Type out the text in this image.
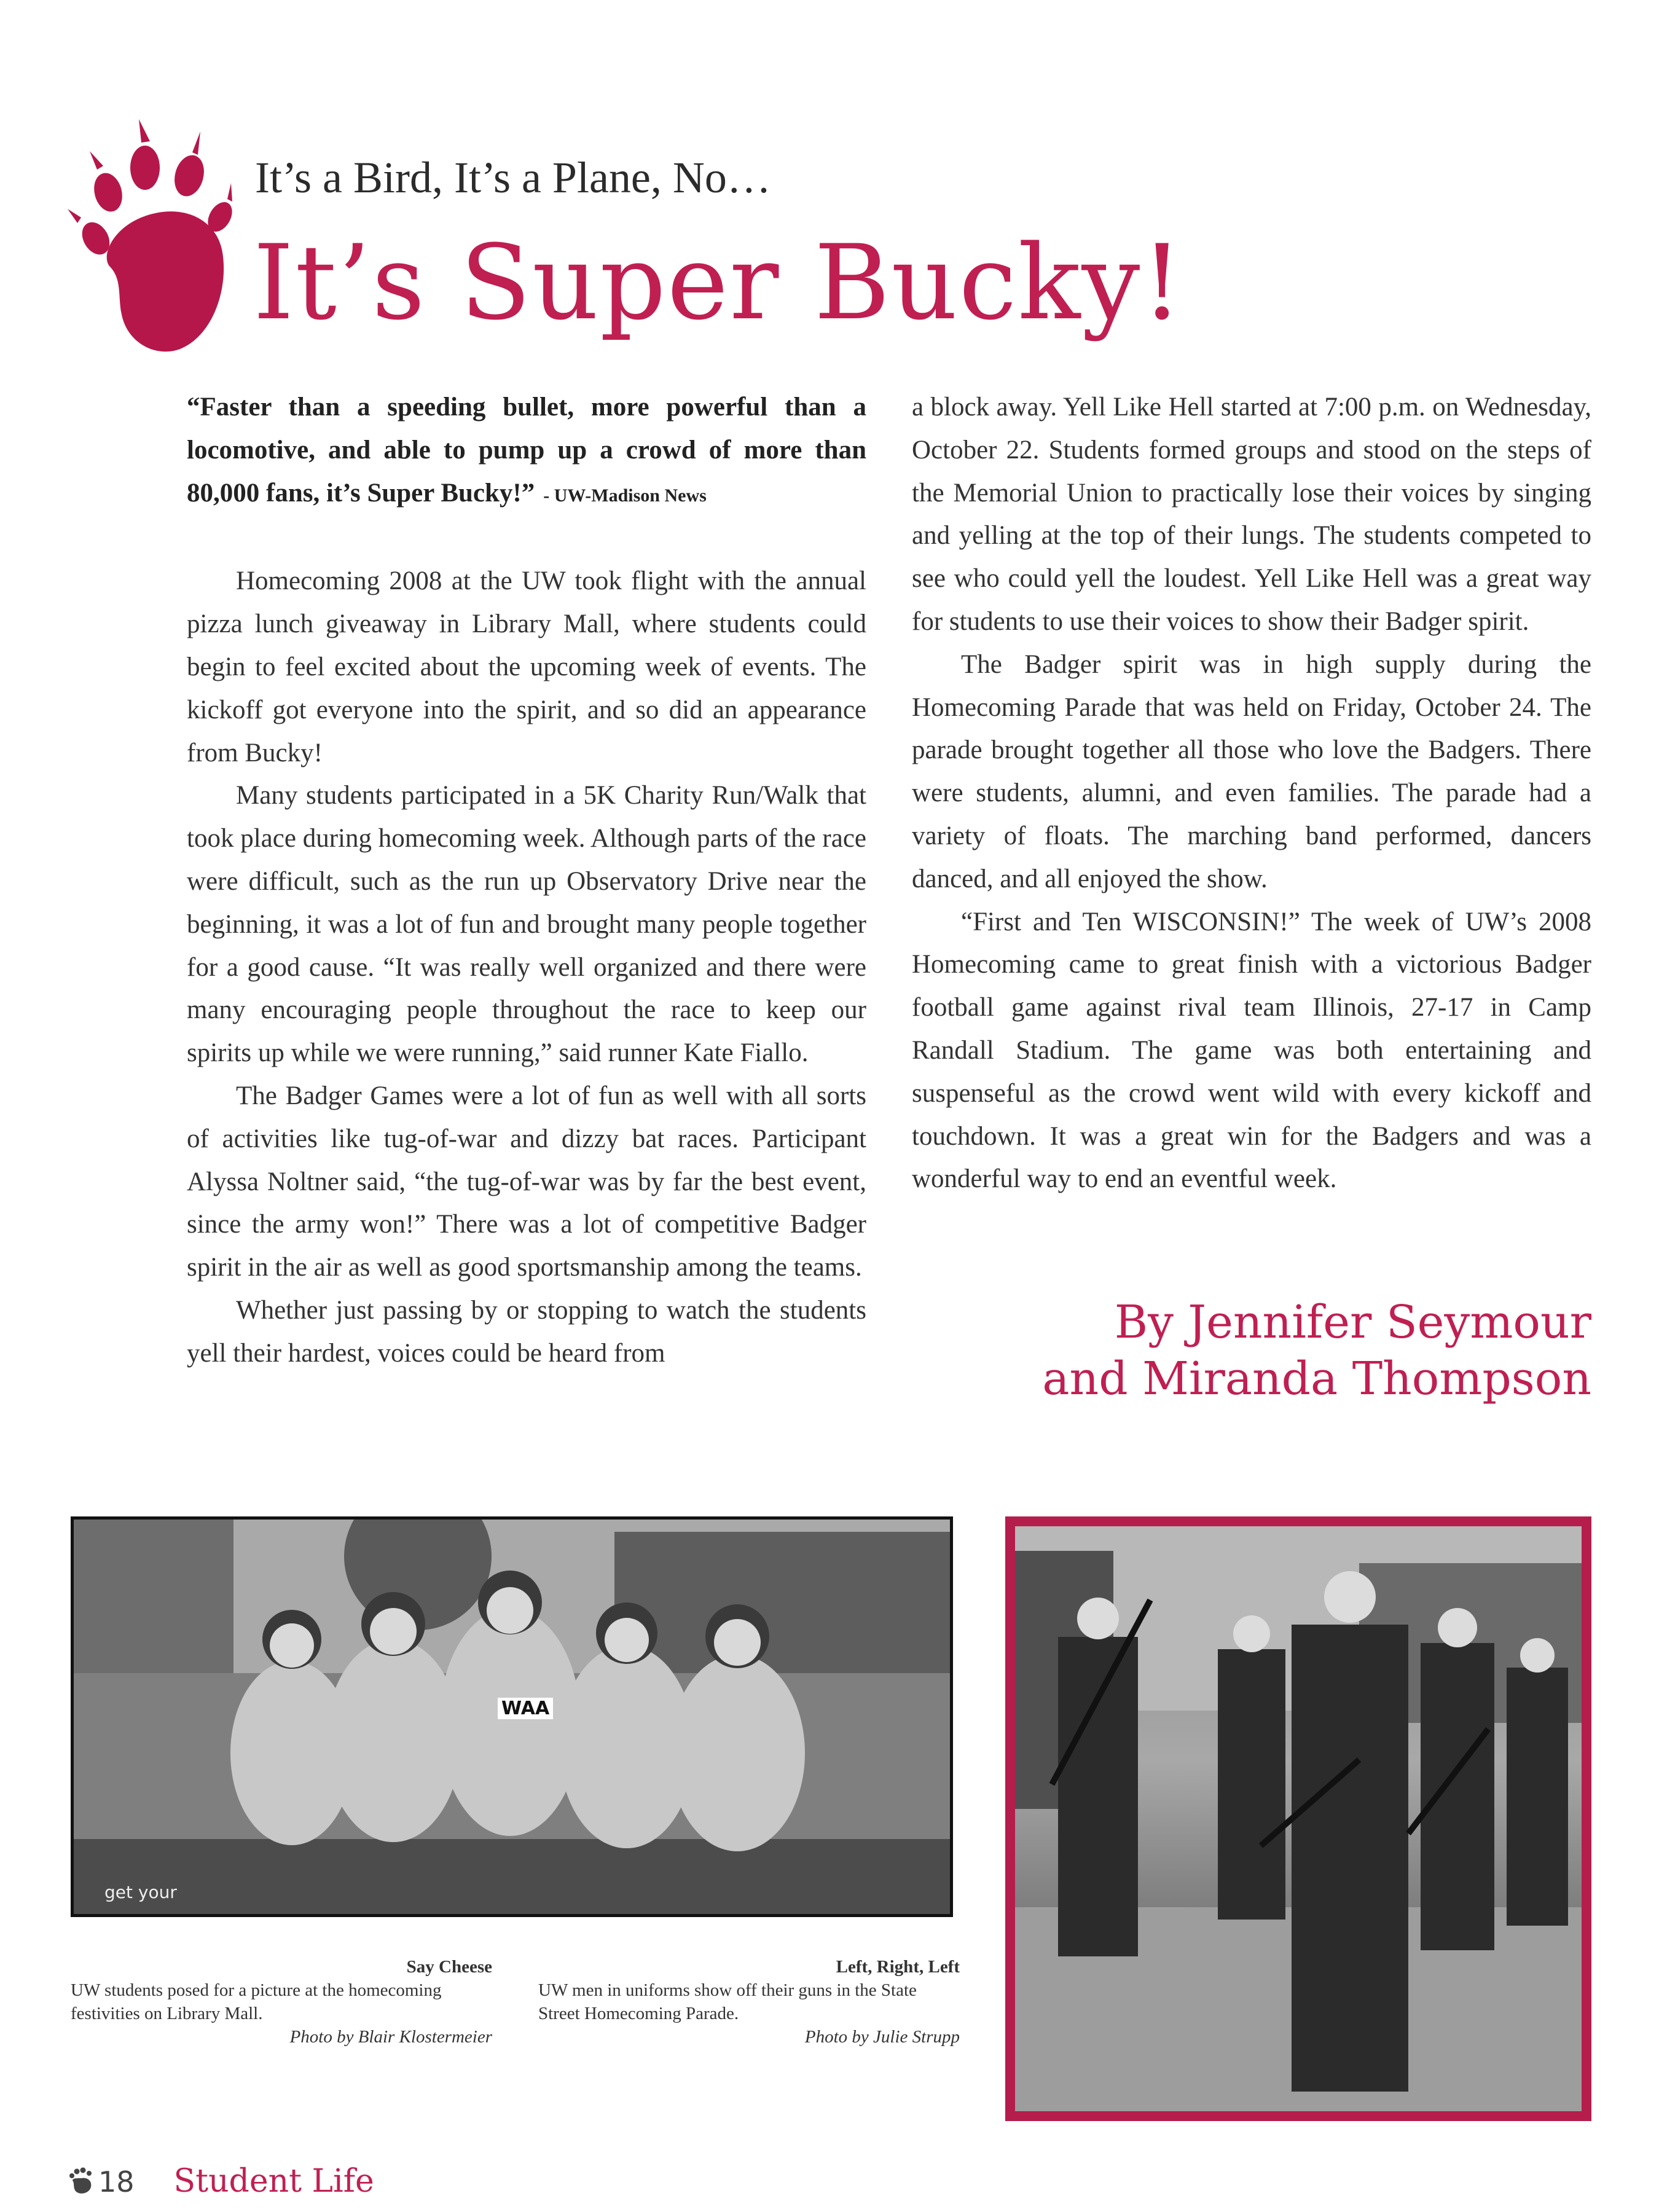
It’s a Bird, It’s a Plane, No…
It’s Super Bucky!

“Faster than a speeding bullet, more powerful than a locomotive, and able to pump up a crowd of more than 80,000 fans, it’s Super Bucky!” - UW-Madison News

Homecoming 2008 at the UW took flight with the annual pizza lunch giveaway in Library Mall, where students could begin to feel excited about the upcoming week of events. The kickoff got everyone into the spirit, and so did an appearance from Bucky!

Many students participated in a 5K Charity Run/Walk that took place during homecoming week. Although parts of the race were difficult, such as the run up Observatory Drive near the beginning, it was a lot of fun and brought many people together for a good cause. “It was really well organized and there were many encouraging people throughout the race to keep our spirits up while we were running,” said runner Kate Fiallo.

The Badger Games were a lot of fun as well with all sorts of activities like tug-of-war and dizzy bat races. Participant Alyssa Noltner said, “the tug-of-war was by far the best event, since the army won!” There was a lot of competitive Badger spirit in the air as well as good sportsmanship among the teams.

Whether just passing by or stopping to watch the students yell their hardest, voices could be heard from

a block away. Yell Like Hell started at 7:00 p.m. on Wednesday, October 22. Students formed groups and stood on the steps of the Memorial Union to practically lose their voices by singing and yelling at the top of their lungs. The students competed to see who could yell the loudest. Yell Like Hell was a great way for students to use their voices to show their Badger spirit.

The Badger spirit was in high supply during the Homecoming Parade that was held on Friday, October 24. The parade brought together all those who love the Badgers. There were students, alumni, and even families. The parade had a variety of floats. The marching band performed, dancers danced, and all enjoyed the show.

“First and Ten WISCONSIN!” The week of UW’s 2008 Homecoming came to great finish with a victorious Badger football game against rival team Illinois, 27-17 in Camp Randall Stadium. The game was both entertaining and suspenseful as the crowd went wild with every kickoff and touchdown. It was a great win for the Badgers and was a wonderful way to end an eventful week.

By Jennifer Seymour
and Miranda Thompson
WAA
get your
Say Cheese
UW students posed for a picture at the homecoming festivities on Library Mall.
Photo by Blair Klostermeier
Left, Right, Left
UW men in uniforms show off their guns in the State Street Homecoming Parade.
Photo by Julie Strupp
18 Student Life
